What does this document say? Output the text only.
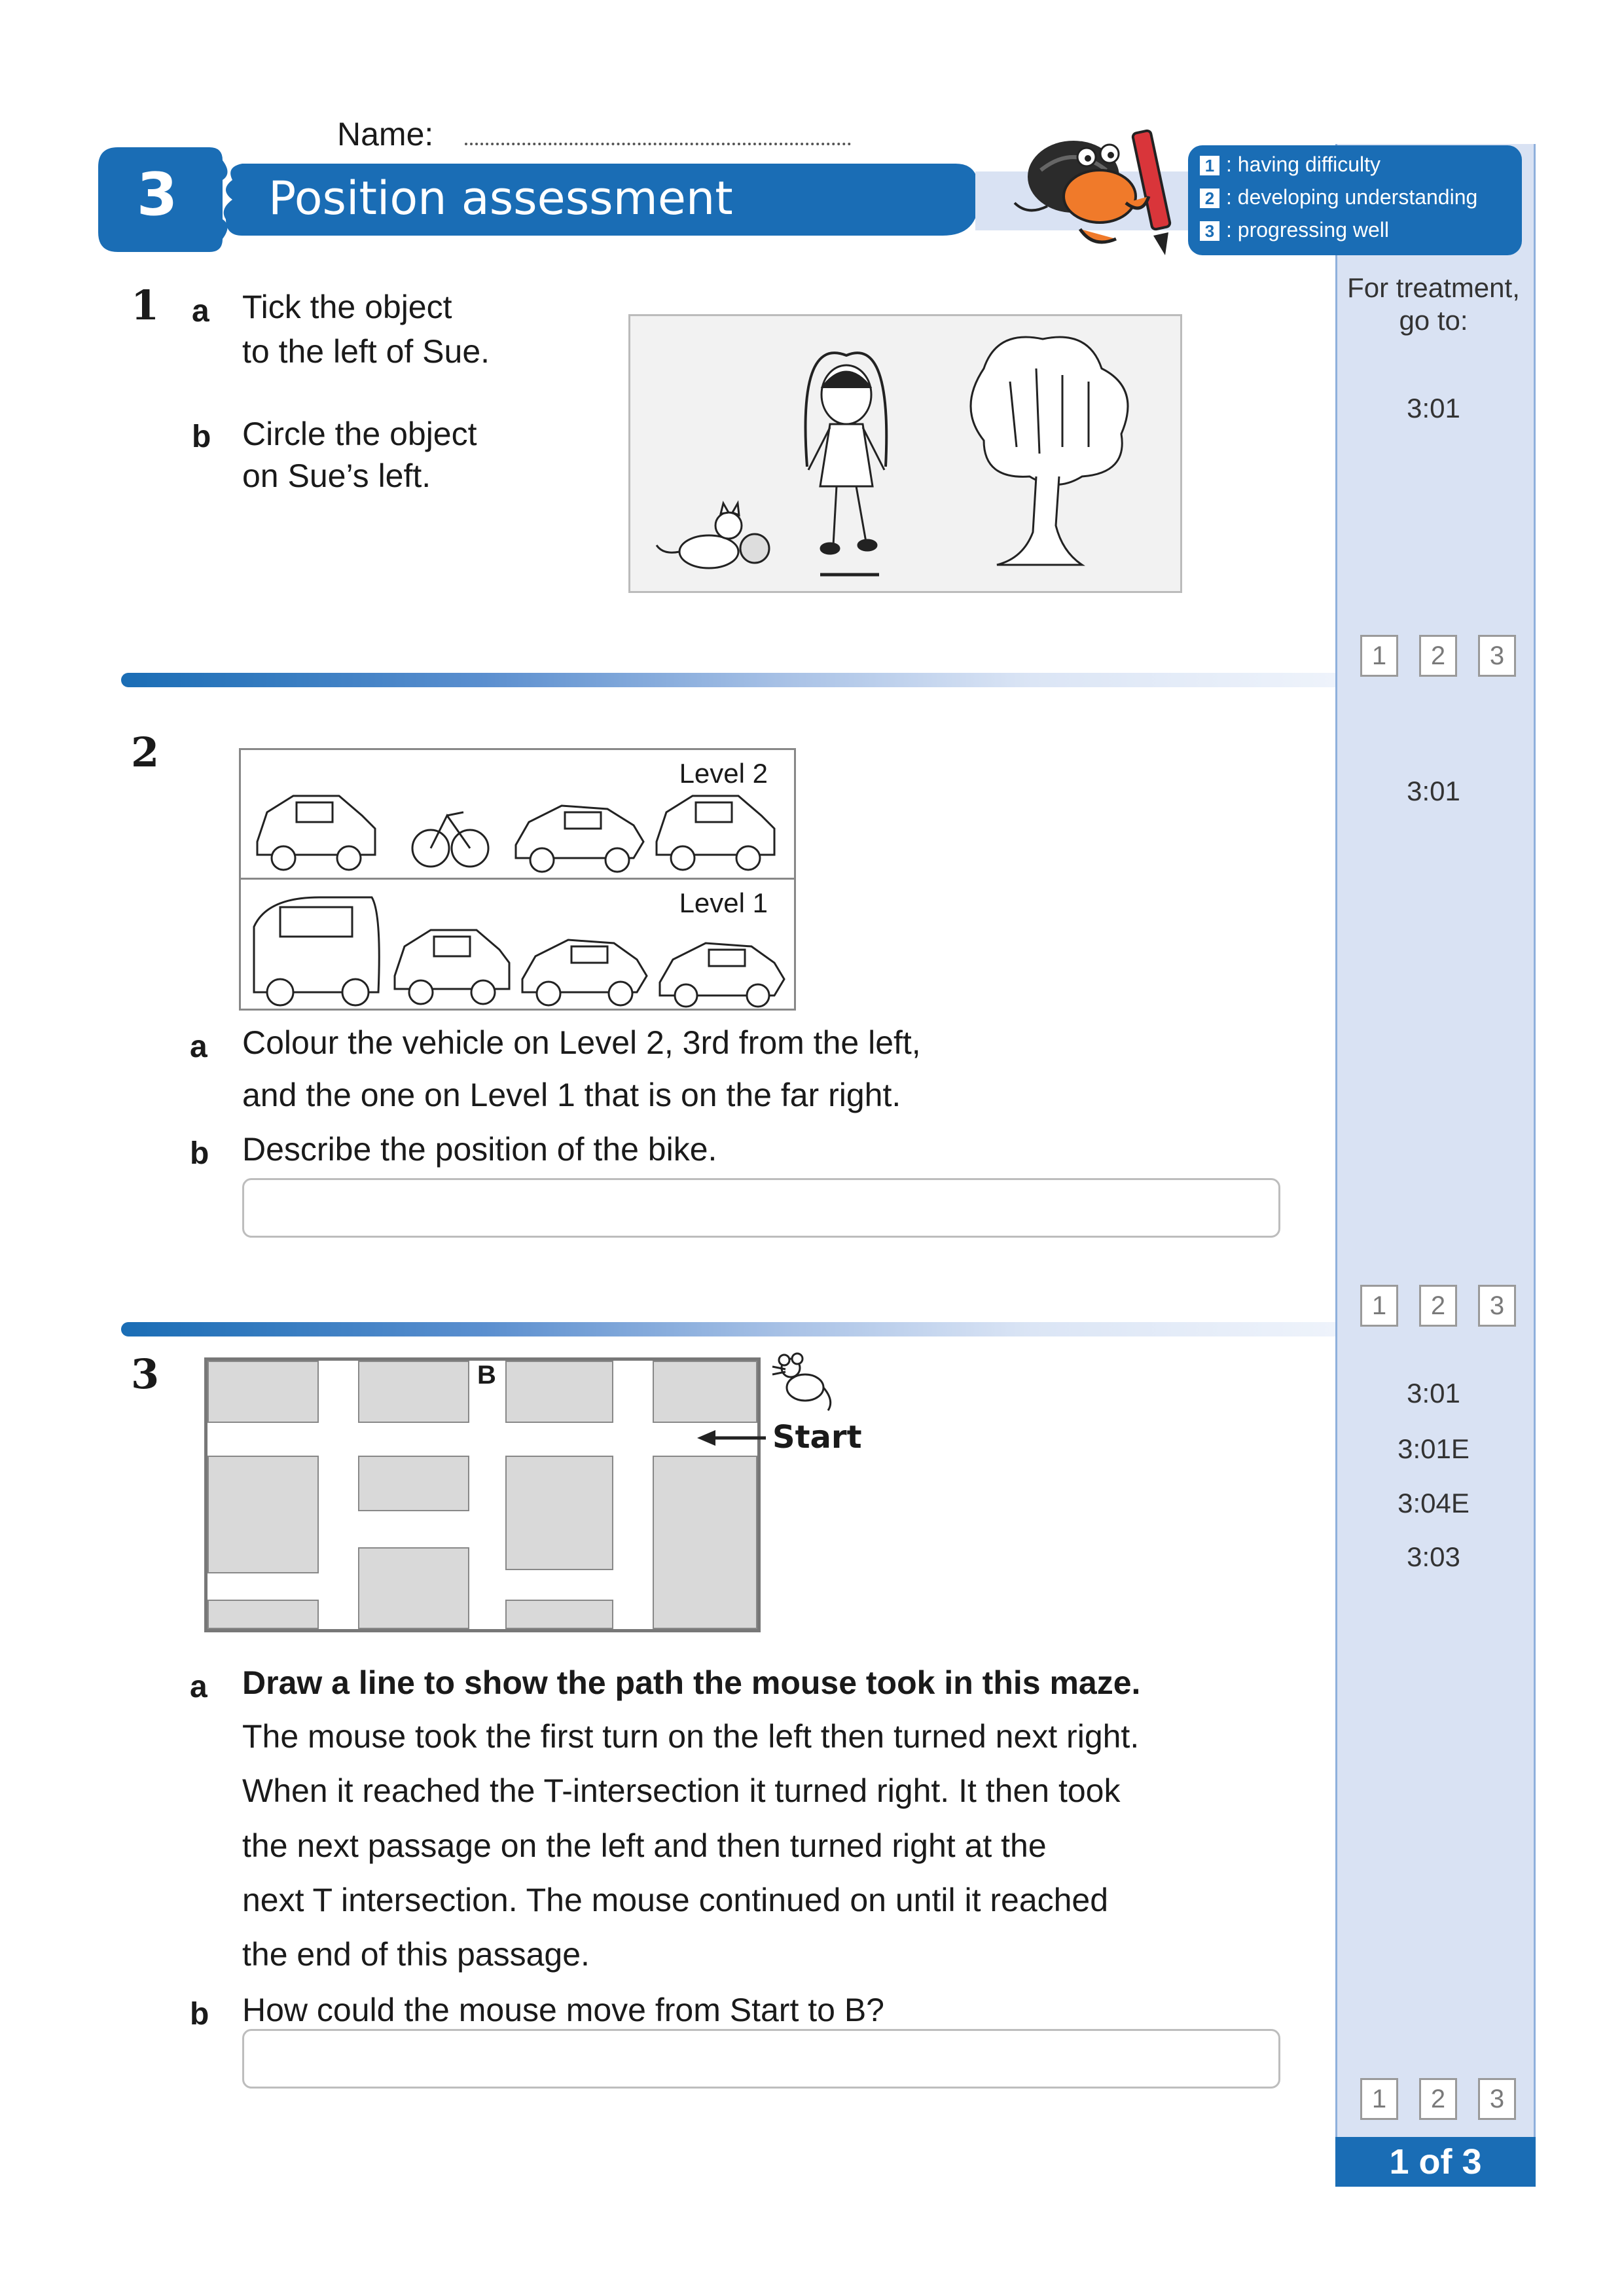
For treatment,
go to:
3:01
3:01
3:01
3:01E
3:04E
3:03
1	2	3
1	2	3
1	2	3
1 of 3
Name:
3	Position assessment
1 : having difficulty
2 : developing understanding
3 : progressing well
1 a Tick the object
to the left of Sue.
b Circle the object
on Sue’s left.
2	Level 2
Level 1
a Colour the vehicle on Level 2, 3rd from the left,
and the one on Level 1 that is on the far right.
b Describe the position of the bike.
3	B
Start
a Draw a line to show the path the mouse took in this maze.
The mouse took the first turn on the left then turned next right.
When it reached the T-intersection it turned right. It then took
the next passage on the left and then turned right at the
next T intersection. The mouse continued on until it reached
the end of this passage.
b How could the mouse move from Start to B?
